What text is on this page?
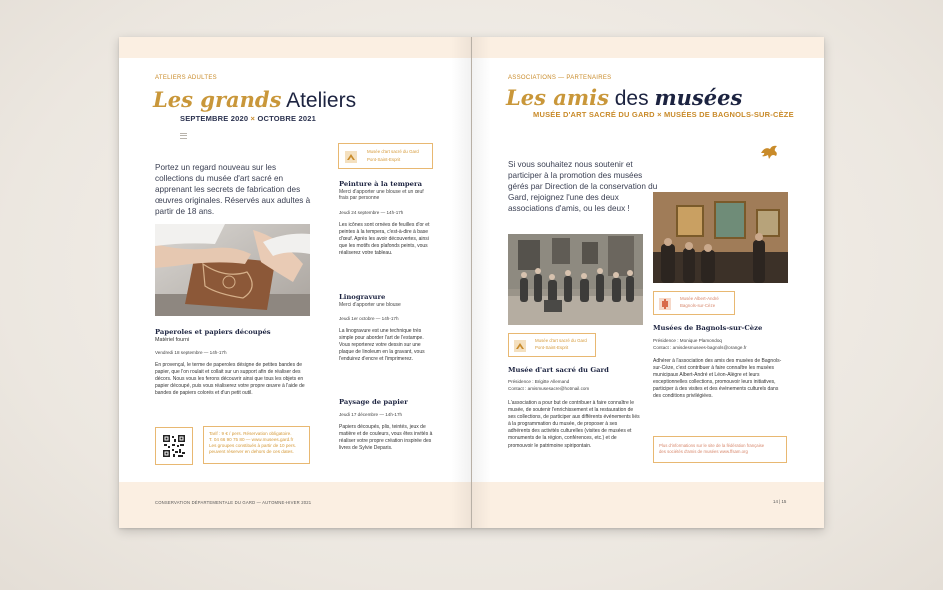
ATELIERS ADULTES
Les grands Ateliers
SEPTEMBRE 2020 × OCTOBRE 2021
Portez un regard nouveau sur les collections du musée d'art sacré en apprenant les secrets de fabrication des œuvres originales. Réservés aux adultes à partir de 18 ans.
Paperoles et papiers découpés
Matériel fourni
Vendredi 18 septembre — 14h-17h
En provençal, le terme de paperoles désigne de petites bandes de papier, que l'on roulait et collait sur un support afin de réaliser des décors. Nous vous les ferons découvrir ainsi que tous les objets en papier découpé, puis vous réaliserez votre propre œuvre à l'aide de bandes de papiers colorés et d'un petit outil.
Tarif : 9 € / pers. Réservation obligatoire.
T. 04 66 90 75 80 — www.musees.gard.fr
Les groupes constitués à partir de 10 pers.
peuvent réserver en dehors de ces dates.
Musée d'art sacré du Gard
Pont-Saint-Esprit
Peinture à la tempera
Merci d'apporter une blouse et un œuf frais par personne
Jeudi 24 septembre — 14h-17h
Les icônes sont ornées de feuilles d'or et peintes à la tempera, c'est-à-dire à base d'œuf. Après les avoir découvertes, ainsi que les motifs des plafonds peints, vous réaliserez votre tableau.
Linogravure
Merci d'apporter une blouse
Jeudi 1er octobre — 14h-17h
La linogravure est une technique très simple pour aborder l'art de l'estampe. Vous reporterez votre dessin sur une plaque de linoleum en la gravant, vous l'enduirez d'encre et l'imprimerez.
Paysage de papier
Jeudi 17 décembre — 14h-17h
Papiers découpés, plis, teintés, jeux de matière et de couleurs, vous êtes invités à réaliser votre propre création inspirée des livres de Sylvie Deparis.
CONSERVATION DÉPARTEMENTALE DU GARD — AUTOMNE-HIVER 2021
ASSOCIATIONS — PARTENAIRES
Les amis des musées
MUSÉE D'ART SACRÉ DU GARD × MUSÉES DE BAGNOLS-SUR-CÈZE
Si vous souhaitez nous soutenir et participer à la promotion des musées gérés par Direction de la conservation du Gard, rejoignez l'une des deux associations d'amis, ou les deux !
Musée d'art sacré du Gard
Pont-Saint-Esprit
Musée d'art sacré du Gard
Présidence : Brigitte Allemand
Contact : amismusesacre@hotmail.com
L'association a pour but de contribuer à faire connaître le musée, de soutenir l'enrichissement et la restauration de ses collections, de participer aux différents événements liés à la programmation du musée, de proposer à ses adhérents des activités culturelles (visites de musées et monuments de la région, conférences, etc.) et de promouvoir le patrimoine spiripontain.
Musée Albert-André
Bagnols-sur-Cèze
Musées de Bagnols-sur-Cèze
Présidence : Monique Plamondoq
Contact : amisdesmusees-bagnols@orange.fr
Adhérer à l'association des amis des musées de Bagnols-sur-Cèze, c'est contribuer à faire connaître les musées municipaux Albert-André et Léon-Alègre et leurs exceptionnelles collections, promouvoir leurs initiatives, participer à des visites et des événements culturels dans des conditions privilégiées.
Plus d'informations sur le site de la fédération française
des sociétés d'amis de musées www.ffsam.org
14 | 15
